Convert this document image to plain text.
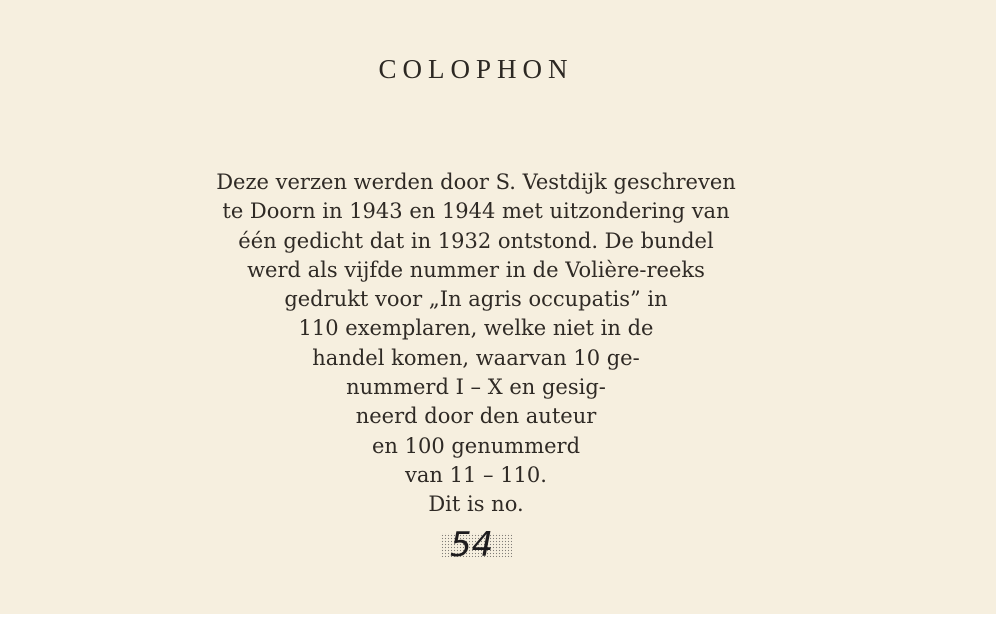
COLOPHON
Deze verzen werden door S. Vestdijk geschreven
te Doorn in 1943 en 1944 met uitzondering van
één gedicht dat in 1932 ontstond. De bundel
werd als vijfde nummer in de Volière-reeks
gedrukt voor „In agris occupatis” in
110 exemplaren, welke niet in de
handel komen, waarvan 10 ge-
nummerd I – X en gesig-
neerd door den auteur
en 100 genummerd
van 11 – 110.
Dit is no.
54
